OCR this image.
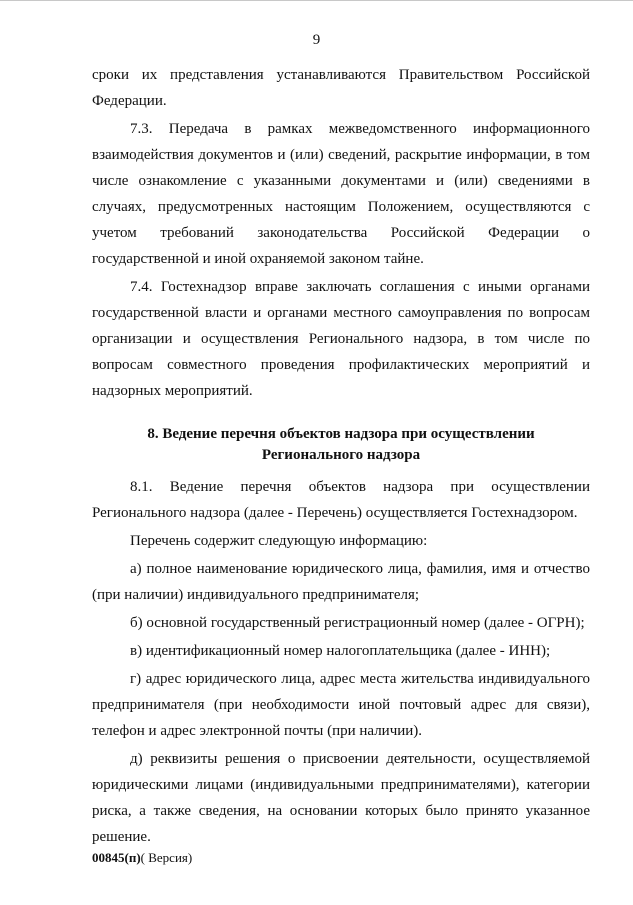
9

сроки их представления устанавливаются Правительством Российской Федерации.

7.3. Передача в рамках межведомственного информационного взаимодействия документов и (или) сведений, раскрытие информации, в том числе ознакомление с указанными документами и (или) сведениями в случаях, предусмотренных настоящим Положением, осуществляются с учетом требований законодательства Российской Федерации о государственной и иной охраняемой законом тайне.

7.4. Гостехнадзор вправе заключать соглашения с иными органами государственной власти и органами местного самоуправления по вопросам организации и осуществления Регионального надзора, в том числе по вопросам совместного проведения профилактических мероприятий и надзорных мероприятий.

8. Ведение перечня объектов надзора при осуществлении
Регионального надзора

8.1. Ведение перечня объектов надзора при осуществлении Регионального надзора (далее - Перечень) осуществляется Гостехнадзором.

Перечень содержит следующую информацию:

а) полное наименование юридического лица, фамилия, имя и отчество (при наличии) индивидуального предпринимателя;

б) основной государственный регистрационный номер (далее - ОГРН);

в) идентификационный номер налогоплательщика (далее - ИНН);

г) адрес юридического лица, адрес места жительства индивидуального предпринимателя (при необходимости иной почтовый адрес для связи), телефон и адрес электронной почты (при наличии).

д) реквизиты решения о присвоении деятельности, осуществляемой юридическими лицами (индивидуальными предпринимателями), категории риска, а также сведения, на основании которых было принято указанное решение.

00845(п)( Версия)
